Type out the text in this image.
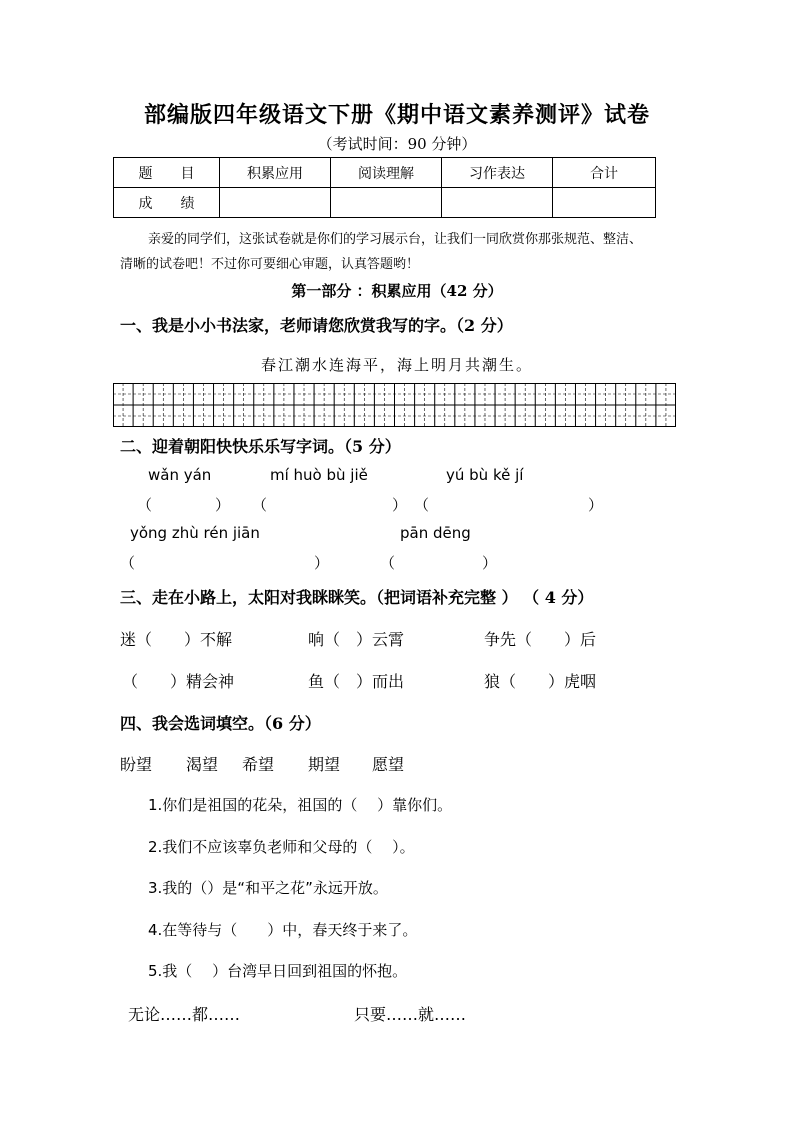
部编版四年级语文下册《期中语文素养测评》试卷
（考试时间：90 分钟）
题　　目	积累应用	阅读理解	习作表达	合计
成　　绩				
亲爱的同学们，这张试卷就是你们的学习展示台，让我们一同欣赏你那张规范、整洁、
清晰的试卷吧！不过你可要细心审题，认真答题哟！
第一部分 ：积累应用（42 分）
一、我是小小书法家，老师请您欣赏我写的字。（2 分）
春江潮水连海平，海上明月共潮生。
二、迎着朝阳快快乐乐写字词。（5 分）
wǎn yán	mí huò bù jiě	yú bù kě jí
（	） （	） （	）
yǒng zhù rén jiān	pān dēng
（	）	（	）
三、走在小路上，太阳对我眯眯笑。（把词语补充完整 ） （ 4 分）
迷（　　）不解	响（　）云霄	争先（　　）后
（　　）精会神	鱼（　）而出	狼（　　）虎咽
四、我会选词填空。（6 分）
盼望 渴望 希望 期望 愿望
1.你们是祖国的花朵，祖国的（　 ）靠你们。
2.我们不应该辜负老师和父母的（　 ）。
3.我的（）是“和平之花”永远开放。
4.在等待与（　　）中，春天终于来了。
5.我（　 ）台湾早日回到祖国的怀抱。
无论……都……	只要……就……
